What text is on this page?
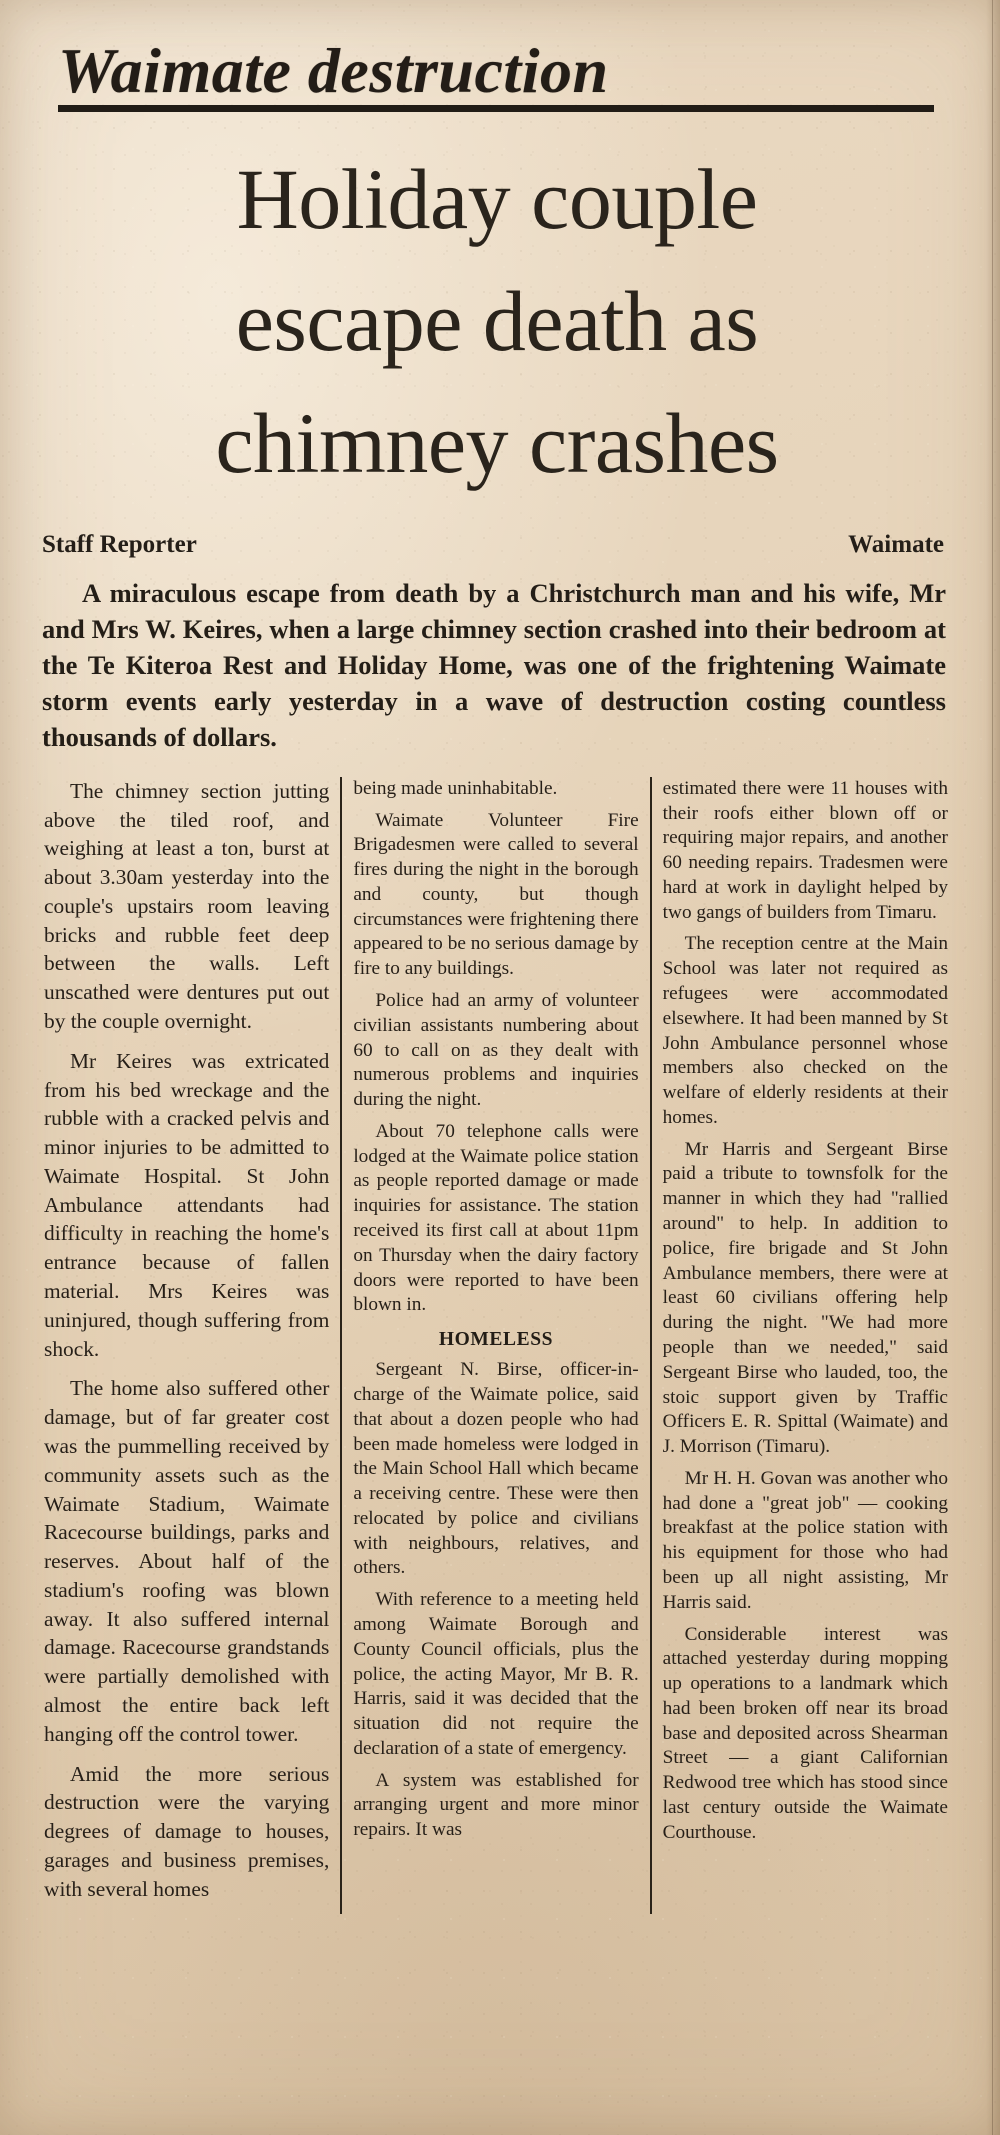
Waimate destruction
Holiday couple
escape death as
chimney crashes
Staff Reporter	Waimate

A miraculous escape from death by a Christchurch man and his wife, Mr and Mrs W. Keires, when a large chimney section crashed into their bedroom at the Te Kiteroa Rest and Holiday Home, was one of the frightening Waimate storm events early yesterday in a wave of destruction costing countless thousands of dollars.

The chimney section jutting above the tiled roof, and weighing at least a ton, burst at about 3.30am yesterday into the couple's upstairs room leaving bricks and rubble feet deep between the walls. Left unscathed were dentures put out by the couple overnight.

Mr Keires was extricated from his bed wreckage and the rubble with a cracked pelvis and minor injuries to be admitted to Waimate Hospital. St John Ambulance attendants had difficulty in reaching the home's entrance because of fallen material. Mrs Keires was uninjured, though suffering from shock.

The home also suffered other damage, but of far greater cost was the pummelling received by community assets such as the Waimate Stadium, Waimate Racecourse buildings, parks and reserves. About half of the stadium's roofing was blown away. It also suffered internal damage. Racecourse grandstands were partially demolished with almost the entire back left hanging off the control tower.

Amid the more serious destruction were the varying degrees of damage to houses, garages and business premises, with several homes

being made uninhabitable.

Waimate Volunteer Fire Brigadesmen were called to several fires during the night in the borough and county, but though circumstances were frightening there appeared to be no serious damage by fire to any buildings.

Police had an army of volunteer civilian assistants numbering about 60 to call on as they dealt with numerous problems and inquiries during the night.

About 70 telephone calls were lodged at the Waimate police station as people reported damage or made inquiries for assistance. The station received its first call at about 11pm on Thursday when the dairy factory doors were reported to have been blown in.

HOMELESS

Sergeant N. Birse, officer-in-charge of the Waimate police, said that about a dozen people who had been made homeless were lodged in the Main School Hall which became a receiving centre. These were then relocated by police and civilians with neighbours, relatives, and others.

With reference to a meeting held among Waimate Borough and County Council officials, plus the police, the acting Mayor, Mr B. R. Harris, said it was decided that the situation did not require the declaration of a state of emergency.

A system was established for arranging urgent and more minor repairs. It was

estimated there were 11 houses with their roofs either blown off or requiring major repairs, and another 60 needing repairs. Tradesmen were hard at work in daylight helped by two gangs of builders from Timaru.

The reception centre at the Main School was later not required as refugees were accommodated elsewhere. It had been manned by St John Ambulance personnel whose members also checked on the welfare of elderly residents at their homes.

Mr Harris and Sergeant Birse paid a tribute to townsfolk for the manner in which they had "rallied around" to help. In addition to police, fire brigade and St John Ambulance members, there were at least 60 civilians offering help during the night. "We had more people than we needed," said Sergeant Birse who lauded, too, the stoic support given by Traffic Officers E. R. Spittal (Waimate) and J. Morrison (Timaru).

Mr H. H. Govan was another who had done a "great job" — cooking breakfast at the police station with his equipment for those who had been up all night assisting, Mr Harris said.

Considerable interest was attached yesterday during mopping up operations to a landmark which had been broken off near its broad base and deposited across Shearman Street — a giant Californian Redwood tree which has stood since last century outside the Waimate Courthouse.
